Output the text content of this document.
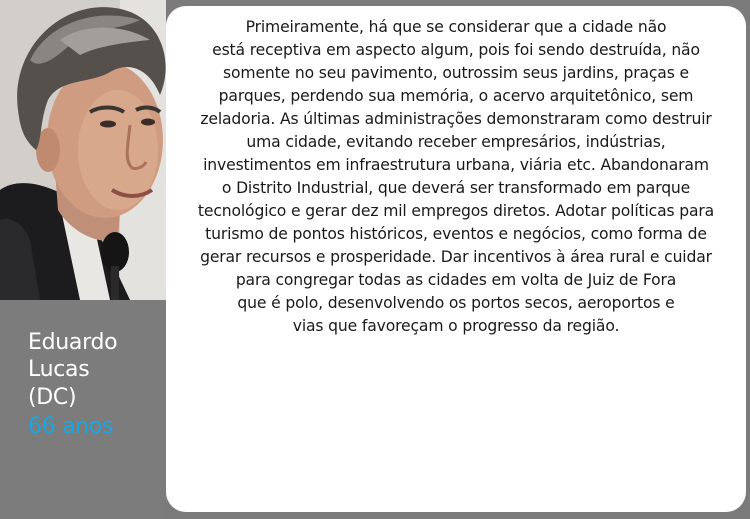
Eduardo
Lucas
(DC)
66 anos
Primeiramente, há que se considerar que a cidade não
está receptiva em aspecto algum, pois foi sendo destruída, não
somente no seu pavimento, outrossim seus jardins, praças e
parques, perdendo sua memória, o acervo arquitetônico, sem
zeladoria. As últimas administrações demonstraram como destruir
uma cidade, evitando receber empresários, indústrias,
investimentos em infraestrutura urbana, viária etc. Abandonaram
o Distrito Industrial, que deverá ser transformado em parque
tecnológico e gerar dez mil empregos diretos. Adotar políticas para
turismo de pontos históricos, eventos e negócios, como forma de
gerar recursos e prosperidade. Dar incentivos à área rural e cuidar
para congregar todas as cidades em volta de Juiz de Fora
que é polo, desenvolvendo os portos secos, aeroportos e
vias que favoreçam o progresso da região.
